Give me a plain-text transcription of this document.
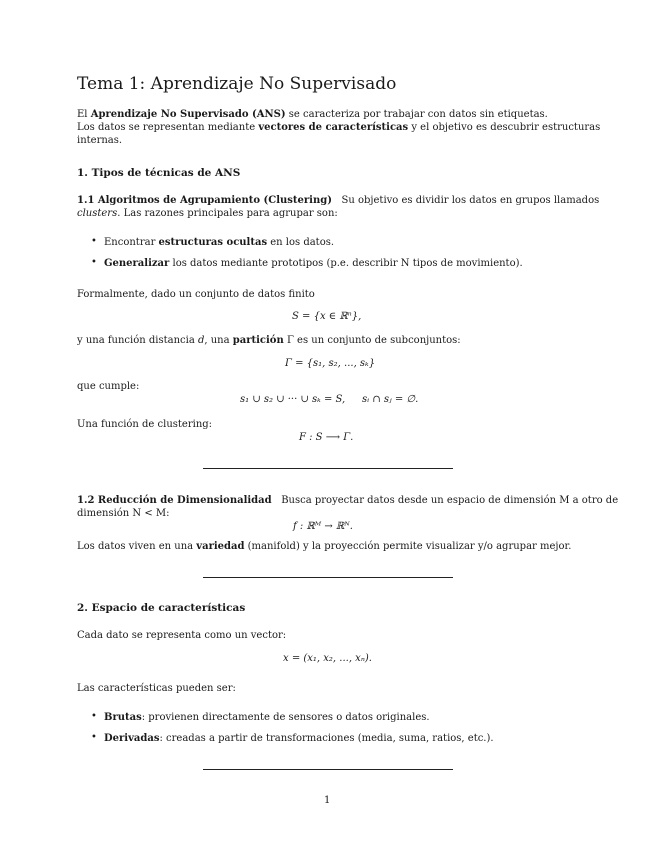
Tema 1: Aprendizaje No Supervisado
El Aprendizaje No Supervisado (ANS) se caracteriza por trabajar con datos sin etiquetas.
Los datos se representan mediante vectores de características y el objetivo es descubrir estructuras
internas.
1. Tipos de técnicas de ANS
1.1 Algoritmos de Agrupamiento (Clustering) Su objetivo es dividir los datos en grupos llamados
clusters. Las razones principales para agrupar son:
• Encontrar estructuras ocultas en los datos.
• Generalizar los datos mediante prototipos (p.e. describir N tipos de movimiento).
Formalmente, dado un conjunto de datos finito
S = {x ∈ ℝⁿ},
y una función distancia d, una partición Γ es un conjunto de subconjuntos:
Γ = {s₁, s₂, ..., sₖ}
que cumple:
s₁ ∪ s₂ ∪ ··· ∪ sₖ = S, sᵢ ∩ sⱼ = ∅.
Una función de clustering:
F : S ⟶ Γ.
1.2 Reducción de Dimensionalidad Busca proyectar datos desde un espacio de dimensión M a otro de
dimensión N < M:
f : ℝᴹ → ℝᴺ.
Los datos viven en una variedad (manifold) y la proyección permite visualizar y/o agrupar mejor.
2. Espacio de características
Cada dato se representa como un vector:
x = (x₁, x₂, ..., xₙ).
Las características pueden ser:
• Brutas: provienen directamente de sensores o datos originales.
• Derivadas: creadas a partir de transformaciones (media, suma, ratios, etc.).
1
